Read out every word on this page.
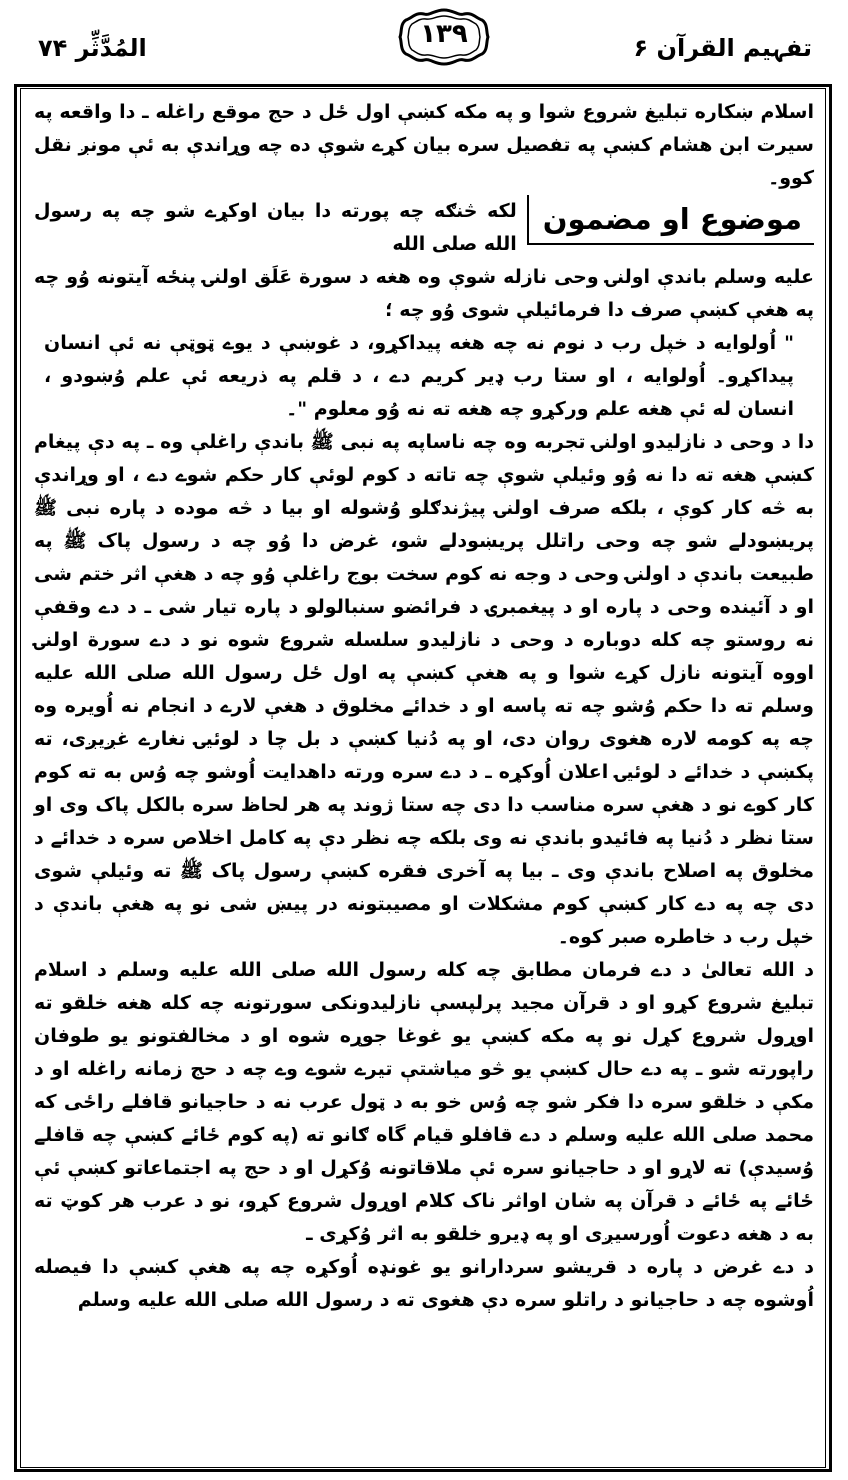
المُدَّثِّر ۷۴	۱۳۹	تفہیم القرآن ۶

اسلام ښکاره تبلیغ شروع شوا و په مکه کښې اول ځل د حج موقع راغله ـ دا واقعه په سیرت ابن هشام کښې په تفصیل سره بیان کړے شوې ده چه وړاندې به ئې مونږ نقل کوو۔

موضوع او مضمون
لکه څنګه چه پورته دا بیان اوکړے شو چه په رسول الله صلی الله

علیه وسلم باندې اولنۍ وحی نازله شوې وه هغه د سورة عَلَق اولنۍ پنځه آیتونه وُو چه په هغې کښې صرف دا فرمائیلې شوی وُو چه ؛

" اُولوایه د خپل رب د نوم نه چه هغه پیداکړو، د غوښې د یوے ټوټې نه ئې انسان پیداکړو۔ اُولوایه ، او ستا رب ډیر کریم دے ، د قلم په ذریعه ئې علم وُښودو ، انسان له ئې هغه علم ورکړو چه هغه ته نه وُو معلوم "۔

دا د وحی د نازلیدو اولنۍ تجربه وه چه ناساپه په نبی ﷺ باندې راغلې وه ـ په دې پیغام کښې هغه ته دا نه وُو وئیلې شوې چه تاته د کوم لوئې کار حکم شوے دے ، او وړاندې به څه کار کوې ، بلکه صرف اولنۍ پیژندګلو وُشوله او بیا د څه موده د پاره نبی ﷺ پریښودلے شو چه وحی راتلل پریښودلے شو، غرض دا وُو چه د رسول پاک ﷺ په طبیعت باندې د اولنۍ وحی د وجه نه کوم سخت بوج راغلې وُو چه د هغې اثر ختم شی او د آئینده وحی د پاره او د پیغمبرۍ د فرائضو سنبالولو د پاره تیار شی ـ د دے وقفې نه روستو چه کله دوباره د وحی د نازلیدو سلسله شروع شوه نو د دے سورة اولنۍ اووه آیتونه نازل کړے شوا و په هغې کښې په اول ځل رسول الله صلی الله علیه وسلم ته دا حکم وُشو چه ته پاسه او د خدائے مخلوق د هغې لارے د انجام نه اُویره وه چه په کومه لاره هغوی روان دی، او په دُنیا کښې د بل چا د لوئیۍ نغارے غږیږی، ته پکښې د خدائے د لوئیۍ اعلان اُوکړه ـ د دے سره ورته داهدایت اُوشو چه وُس به ته کوم کار کوے نو د هغې سره مناسب دا دی چه ستا ژوند په هر لحاظ سره بالکل پاک وی او ستا نظر د دُنیا په فائیدو باندې نه وی بلکه چه نظر دې په کامل اخلاص سره د خدائے د مخلوق په اصلاح باندې وی ـ بیا په آخری فقره کښې رسول پاک ﷺ ته وئیلې شوی دی چه په دے کار کښې کوم مشکلات او مصیبتونه در پیښ شی نو په هغې باندې د خپل رب د خاطره صبر کوه۔

د الله تعالیٰ د دے فرمان مطابق چه کله رسول الله صلی الله علیه وسلم د اسلام تبلیغ شروع کړو او د قرآن مجید پرلپسې نازلیدونکی سورتونه چه کله هغه خلقو ته اوړول شروع کړل نو په مکه کښې یو غوغا جوړه شوه او د مخالفتونو یو طوفان راپورته شو ـ په دے حال کښې یو څو میاشتې تیرے شوے وے چه د حج زمانه راغله او د مکې د خلقو سره دا فکر شو چه وُس خو به د ټول عرب نه د حاجیانو قافلے راځی که محمد صلی الله علیه وسلم د دے قافلو قیام گاه ګانو ته (په کوم ځائے کښې چه قافلے وُسیدې) ته لاړو او د حاجیانو سره ئې ملاقاتونه وُکړل او د حج په اجتماعاتو کښې ئې ځائے په ځائے د قرآن په شان اواثر ناک کلام اوړول شروع کړو، نو د عرب هر کوټ ته به د هغه دعوت اُورسیږی او په ډیرو خلقو به اثر وُکړی ـ

د دے غرض د پاره د قریشو سردارانو یو غونډه اُوکړه چه په هغې کښې دا فیصله اُوشوه چه د حاجیانو د راتلو سره دې هغوی ته د رسول الله صلی الله علیه وسلم
